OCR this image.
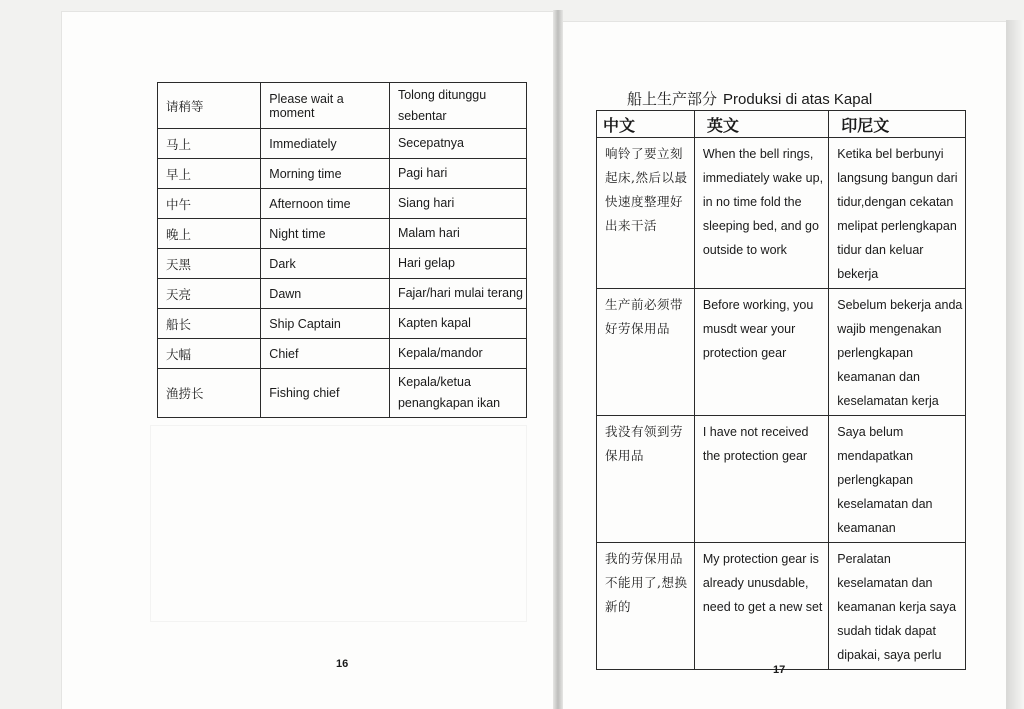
请稍等	Please wait a moment	Tolong ditunggu sebentar
马上	Immediately	Secepatnya
早上	Morning time	Pagi hari
中午	Afternoon time	Siang hari
晚上	Night time	Malam hari
天黑	Dark	Hari gelap
天亮	Dawn	Fajar/hari mulai terang
船长	Ship Captain	Kapten kapal
大幅	Chief	Kepala/mandor
渔捞长	Fishing chief	Kepala/ketua penangkapan ikan
船上生产部分 Produksi di atas Kapal
中文	英文	印尼文
响铃了要立刻起床,然后以最快速度整理好出来干活	When the bell rings, immediately wake up, in no time fold the sleeping bed, and go outside to work	Ketika bel berbunyi langsung bangun dari tidur,dengan cekatan melipat perlengkapan tidur dan keluar bekerja
生产前必须带好劳保用品	Before working, you musdt wear your protection gear	Sebelum bekerja anda wajib mengenakan perlengkapan keamanan dan keselamatan kerja
我没有领到劳保用品	I have not received the protection gear	Saya belum mendapatkan perlengkapan keselamatan dan keamanan
我的劳保用品不能用了,想换新的	My protection gear is already unusdable, need to get a new set	Peralatan keselamatan dan keamanan kerja saya sudah tidak dapat dipakai, saya perlu
16	17
